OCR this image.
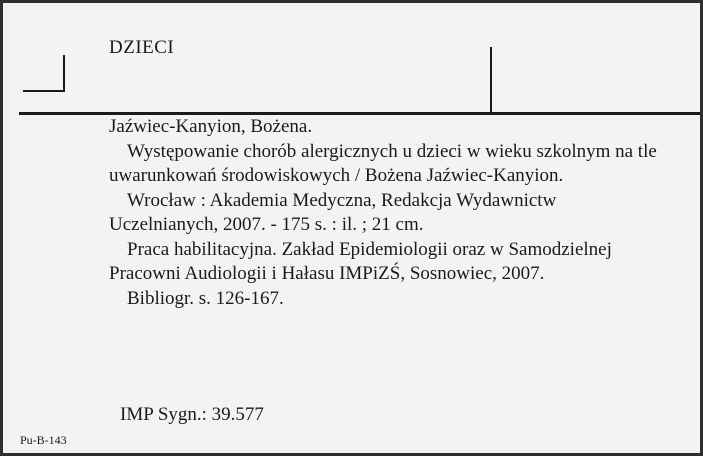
DZIECI

Jaźwiec-Kanyion, Bożena.

Występowanie chorób alergicznych u dzieci w wieku szkolnym na tle uwarunkowań środowiskowych / Bożena Jaźwiec-Kanyion.

Wrocław : Akademia Medyczna, Redakcja Wydawnictw Uczelnianych, 2007. - 175 s. : il. ; 21 cm.

Praca habilitacyjna. Zakład Epidemiologii oraz w Samodzielnej Pracowni Audiologii i Hałasu IMPiZŚ, Sosnowiec, 2007.

Bibliogr. s. 126-167.

IMP Sygn.: 39.577

Pu-B-143
